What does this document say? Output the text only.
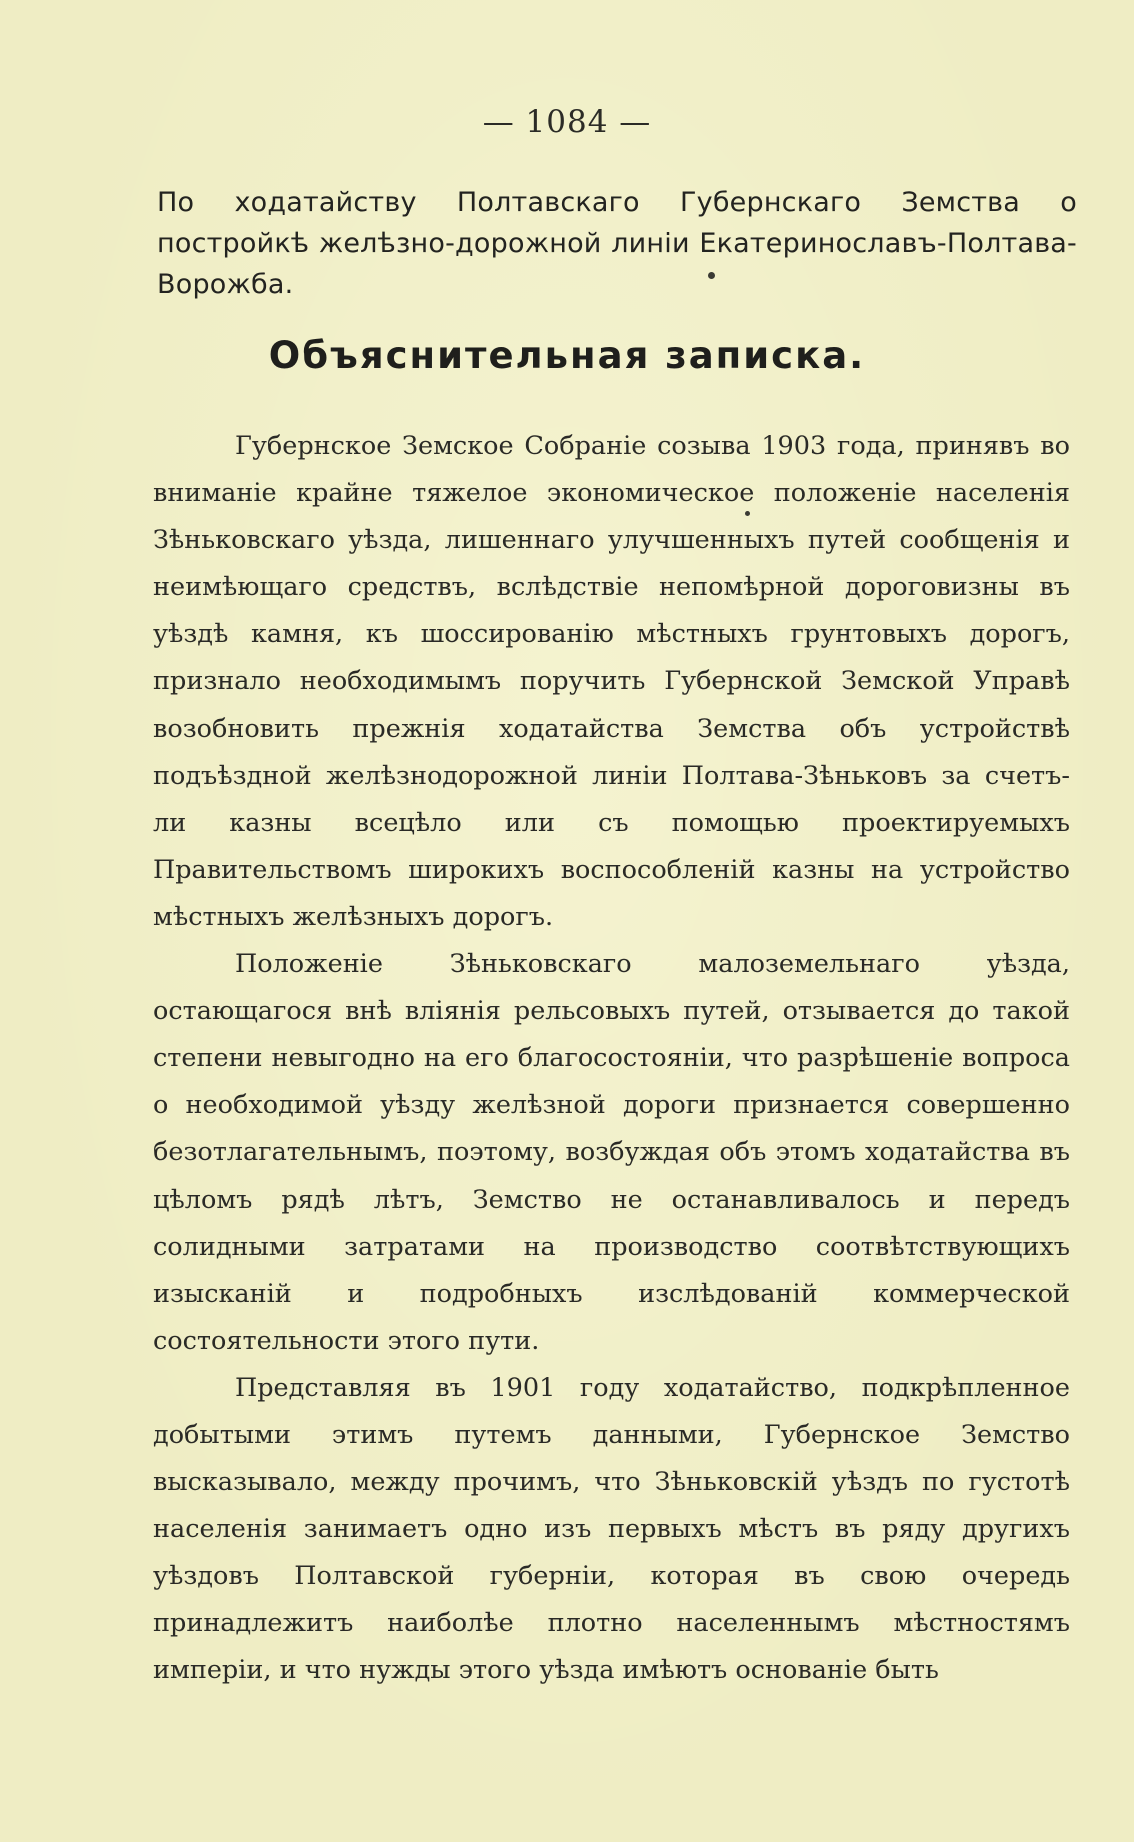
— 1084 —
По ходатайству Полтавскаго Губернскаго Земства о постройкѣ желѣзно-дорожной линіи Екатеринославъ-Полтава-Ворожба.
Объяснительная записка.

Губернское Земское Собраніе созыва 1903 года, принявъ во вниманіе крайне тяжелое экономическое положеніе населенія Зѣньковскаго уѣзда, лишеннаго улучшенныхъ путей сообщенія и неимѣющаго средствъ, вслѣдствіе непомѣрной дороговизны въ уѣздѣ камня, къ шоссированію мѣстныхъ грунтовыхъ дорогъ, признало необходимымъ поручить Губернской Земской Управѣ возобновить прежнія ходатайства Земства объ устройствѣ подъѣздной желѣзнодорожной линіи Полтава-Зѣньковъ за счетъ-ли казны всецѣло или съ помощью проектируемыхъ Правительствомъ широкихъ воспособленій казны на устройство мѣстныхъ желѣзныхъ дорогъ.

Положеніе Зѣньковскаго малоземельнаго уѣзда, остающагося внѣ вліянія рельсовыхъ путей, отзывается до такой степени невыгодно на его благосостояніи, что разрѣшеніе вопроса о необходимой уѣзду желѣзной дороги признается совершенно безотлагательнымъ, поэтому, возбуждая объ этомъ ходатайства въ цѣломъ рядѣ лѣтъ, Земство не останавливалось и передъ солидными затратами на производство соотвѣтствующихъ изысканій и подробныхъ изслѣдованій коммерческой состоятельности этого пути.

Представляя въ 1901 году ходатайство, подкрѣпленное добытыми этимъ путемъ данными, Губернское Земство высказывало, между прочимъ, что Зѣньковскій уѣздъ по густотѣ населенія занимаетъ одно изъ первыхъ мѣстъ въ ряду другихъ уѣздовъ Полтавской губерніи, которая въ свою очередь принадлежитъ наиболѣе плотно населеннымъ мѣстностямъ имперіи, и что нужды этого уѣзда имѣютъ основаніе быть
